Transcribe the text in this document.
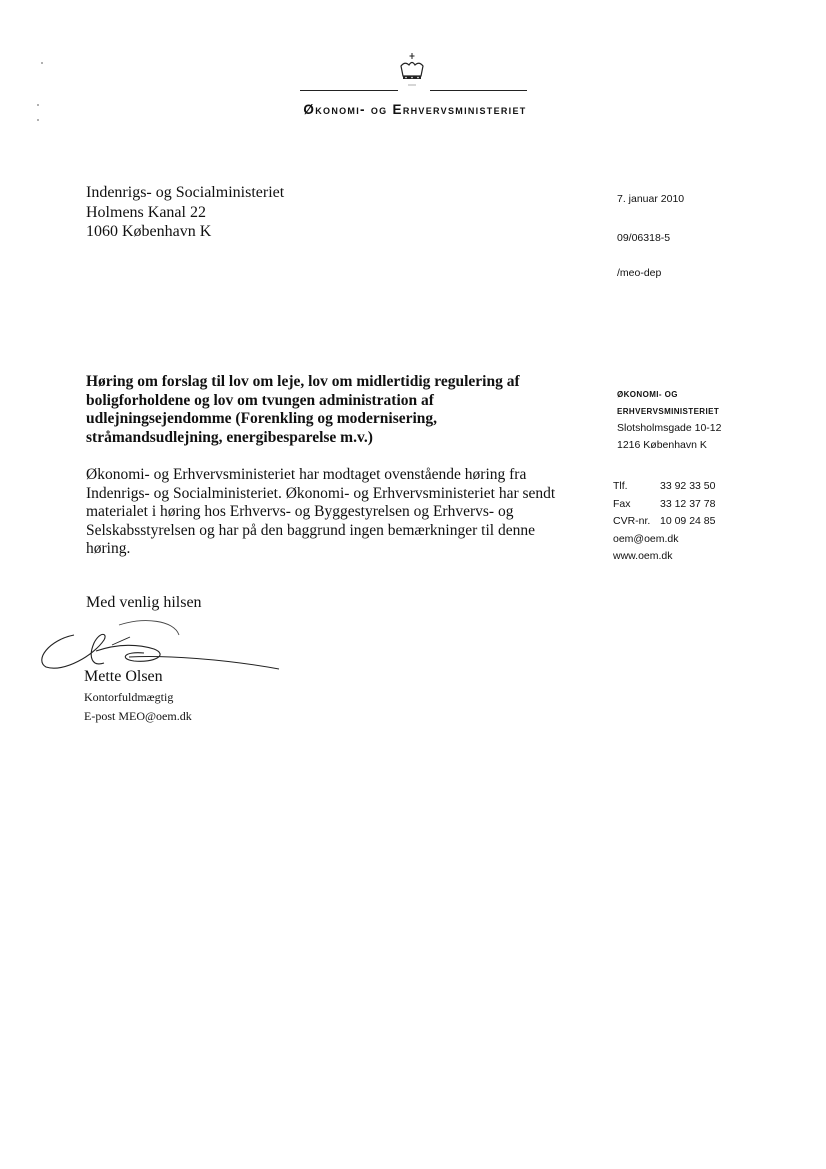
Økonomi- og Erhvervsministeriet
Indenrigs- og Socialministeriet
Holmens Kanal 22
1060 København K
7. januar 2010
09/06318-5
/meo-dep
Høring om forslag til lov om leje, lov om midlertidig regulering af boligforholdene og lov om tvungen administration af udlejningsejendomme (Forenkling og modernisering, stråmandsudlejning, energibesparelse m.v.)
ØKONOMI- OG
ERHVERVSMINISTERIET
Slotsholmsgade 10-12
1216 København K
Økonomi- og Erhvervsministeriet har modtaget ovenstående høring fra Indenrigs- og Socialministeriet. Økonomi- og Erhvervsministeriet har sendt materialet i høring hos Erhvervs- og Byggestyrelsen og Erhvervs- og Selskabsstyrelsen og har på den baggrund ingen bemærkninger til denne høring.
Tlf.	33 92 33 50
Fax	33 12 37 78
CVR-nr. 10 09 24 85
oem@oem.dk
www.oem.dk
Med venlig hilsen
Mette Olsen
Kontorfuldmægtig
E-post MEO@oem.dk
